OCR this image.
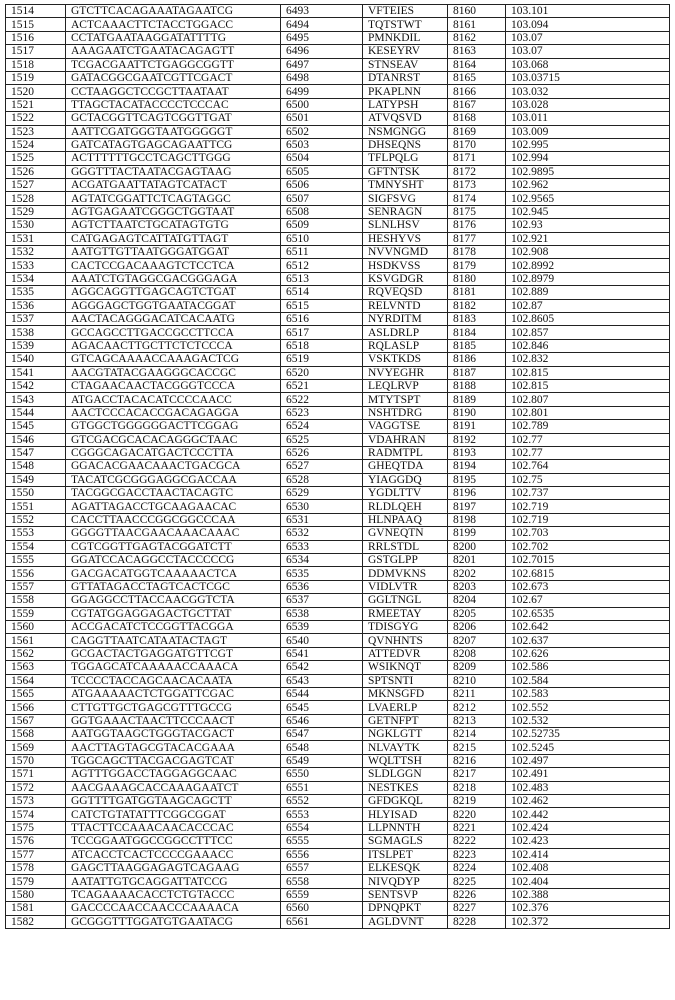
1514	GTCTTCACAGAAATAGAATCG	6493	VFTEIES	8160	103.101
1515	ACTCAAACTTCTACCTGGACC	6494	TQTSTWT	8161	103.094
1516	CCTATGAATAAGGATATTTTG	6495	PMNKDIL	8162	103.07
1517	AAAGAATCTGAATACAGAGTT	6496	KESEYRV	8163	103.07
1518	TCGACGAATTCTGAGGCGGTT	6497	STNSEAV	8164	103.068
1519	GATACGGCGAATCGTTCGACT	6498	DTANRST	8165	103.03715
1520	CCTAAGGCTCCGCTTAATAAT	6499	PKAPLNN	8166	103.032
1521	TTAGCTACATACCCCTCCCAC	6500	LATYPSH	8167	103.028
1522	GCTACGGTTCAGTCGGTTGAT	6501	ATVQSVD	8168	103.011
1523	AATTCGATGGGTAATGGGGGT	6502	NSMGNGG	8169	103.009
1524	GATCATAGTGAGCAGAATTCG	6503	DHSEQNS	8170	102.995
1525	ACTTTTTTGCCTCAGCTTGGG	6504	TFLPQLG	8171	102.994
1526	GGGTTTACTAATACGAGTAAG	6505	GFTNTSK	8172	102.9895
1527	ACGATGAATTATAGTCATACT	6506	TMNYSHT	8173	102.962
1528	AGTATCGGATTCTCAGTAGGC	6507	SIGFSVG	8174	102.9565
1529	AGTGAGAATCGGGCTGGTAAT	6508	SENRAGN	8175	102.945
1530	AGTCTTAATCTGCATAGTGTG	6509	SLNLHSV	8176	102.93
1531	CATGAGAGTCATTATGTTAGT	6510	HESHYVS	8177	102.921
1532	AATGTTGTTAATGGGATGGAT	6511	NVVNGMD	8178	102.908
1533	CACTCCGACAAAGTCTCCTCA	6512	HSDKVSS	8179	102.8992
1534	AAATCTGTAGGCGACGGGAGA	6513	KSVGDGR	8180	102.8979
1535	AGGCAGGTTGAGCAGTCTGAT	6514	RQVEQSD	8181	102.889
1536	AGGGAGCTGGTGAATACGGAT	6515	RELVNTD	8182	102.87
1537	AACTACAGGGACATCACAATG	6516	NYRDITM	8183	102.8605
1538	GCCAGCCTTGACCGCCTTCCA	6517	ASLDRLP	8184	102.857
1539	AGACAACTTGCTTCTCTCCCA	6518	RQLASLP	8185	102.846
1540	GTCAGCAAAACCAAAGACTCG	6519	VSKTKDS	8186	102.832
1541	AACGTATACGAAGGGCACCGC	6520	NVYEGHR	8187	102.815
1542	CTAGAACAACTACGGGTCCCA	6521	LEQLRVP	8188	102.815
1543	ATGACCTACACATCCCCAACC	6522	MTYTSPT	8189	102.807
1544	AACTCCCACACCGACAGAGGA	6523	NSHTDRG	8190	102.801
1545	GTGGCTGGGGGGACTTCGGAG	6524	VAGGTSE	8191	102.789
1546	GTCGACGCACACAGGGCTAAC	6525	VDAHRAN	8192	102.77
1547	CGGGCAGACATGACTCCCTTA	6526	RADMTPL	8193	102.77
1548	GGACACGAACAAACTGACGCA	6527	GHEQTDA	8194	102.764
1549	TACATCGCGGGAGGCGACCAA	6528	YIAGGDQ	8195	102.75
1550	TACGGCGACCTAACTACAGTC	6529	YGDLTTV	8196	102.737
1551	AGATTAGACCTGCAAGAACAC	6530	RLDLQEH	8197	102.719
1552	CACCTTAACCCGGCGGCCCAA	6531	HLNPAAQ	8198	102.719
1553	GGGGTTAACGAACAAACAAAC	6532	GVNEQTN	8199	102.703
1554	CGTCGGTTGAGTACGGATCTT	6533	RRLSTDL	8200	102.702
1555	GGATCCACAGGCCTACCCCCG	6534	GSTGLPP	8201	102.7015
1556	GACGACATGGTCAAAAACTCA	6535	DDMVKNS	8202	102.6815
1557	GTTATAGACCTAGTCACTCGC	6536	VIDLVTR	8203	102.673
1558	GGAGGCCTTACCAACGGTCTA	6537	GGLTNGL	8204	102.67
1559	CGTATGGAGGAGACTGCTTAT	6538	RMEETAY	8205	102.6535
1560	ACCGACATCTCCGGTTACGGA	6539	TDISGYG	8206	102.642
1561	CAGGTTAATCATAATACTAGT	6540	QVNHNTS	8207	102.637
1562	GCGACTACTGAGGATGTTCGT	6541	ATTEDVR	8208	102.626
1563	TGGAGCATCAAAAACCAAACA	6542	WSIKNQT	8209	102.586
1564	TCCCCTACCAGCAACACAATA	6543	SPTSNTI	8210	102.584
1565	ATGAAAAACTCTGGATTCGAC	6544	MKNSGFD	8211	102.583
1566	CTTGTTGCTGAGCGTTTGCCG	6545	LVAERLP	8212	102.552
1567	GGTGAAACTAACTTCCCAACT	6546	GETNFPT	8213	102.532
1568	AATGGTAAGCTGGGTACGACT	6547	NGKLGTT	8214	102.52735
1569	AACTTAGTAGCGTACACGAAA	6548	NLVAYTK	8215	102.5245
1570	TGGCAGCTTACGACGAGTCAT	6549	WQLTTSH	8216	102.497
1571	AGTTTGGACCTAGGAGGCAAC	6550	SLDLGGN	8217	102.491
1572	AACGAAAGCACCAAAGAATCT	6551	NESTKES	8218	102.483
1573	GGTTTTGATGGTAAGCAGCTT	6552	GFDGKQL	8219	102.462
1574	CATCTGTATATTTCGGCGGAT	6553	HLYISAD	8220	102.442
1575	TTACTTCCAAACAACACCCAC	6554	LLPNNTH	8221	102.424
1576	TCCGGAATGGCCGGCCTTTCC	6555	SGMAGLS	8222	102.423
1577	ATCACCTCACTCCCCGAAACC	6556	ITSLPET	8223	102.414
1578	GAGCTTAAGGAGAGTCAGAAG	6557	ELKESQK	8224	102.408
1579	AATATTGTGCAGGATTATCCG	6558	NIVQDYP	8225	102.404
1580	TCAGAAAACACCTCTGTACCC	6559	SENTSVP	8226	102.388
1581	GACCCCAACCAACCCAAAACA	6560	DPNQPKT	8227	102.376
1582	GCGGGTTTGGATGTGAATACG	6561	AGLDVNT	8228	102.372
